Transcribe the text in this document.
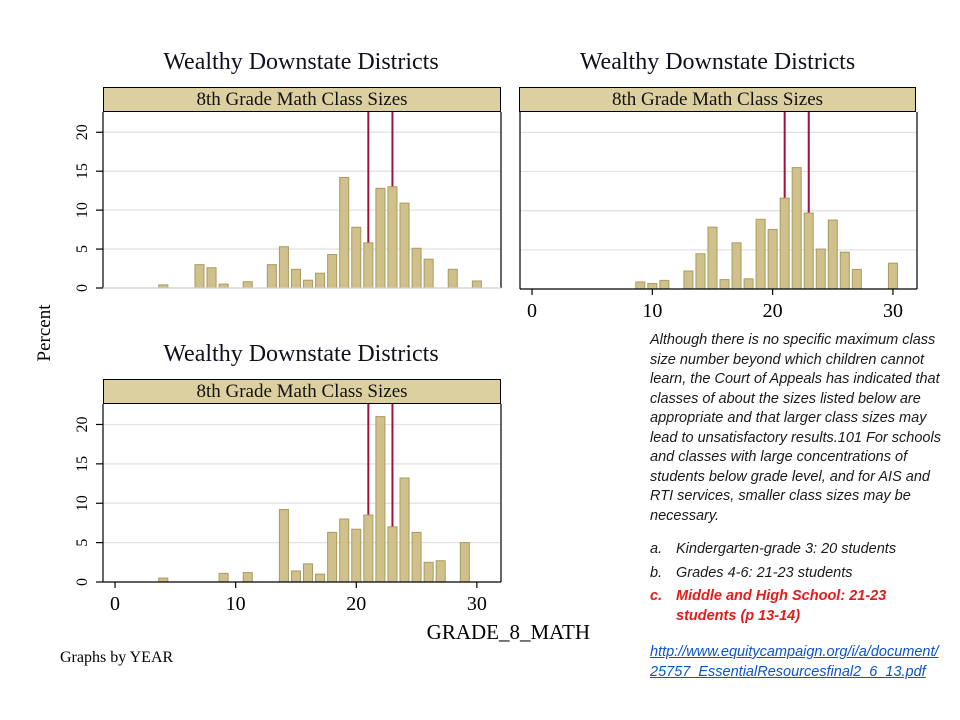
Wealthy Downstate Districts
8th Grade Math Class Sizes
0
5
10
15
20
Wealthy Downstate Districts
8th Grade Math Class Sizes
0	10	20	30
Wealthy Downstate Districts
8th Grade Math Class Sizes
0
5
10
15
20
0	10	20	30
Percent
GRADE_8_MATH
Graphs by YEAR

Although there is no specific maximum class size number beyond which children cannot learn, the Court of Appeals has indicated that classes of about the sizes listed below are appropriate and that larger class sizes may lead to unsatisfactory results.101 For schools and classes with large concentrations of students below grade level, and for AIS and RTI services, smaller class sizes may be necessary.

a. Kindergarten-grade 3: 20 students
b. Grades 4-6: 21-23 students
c. Middle and High School: 21-23 students (p 13-14)
http://www.equitycampaign.org/i/a/document/25757_EssentialResourcesfinal2_6_13.pdf
